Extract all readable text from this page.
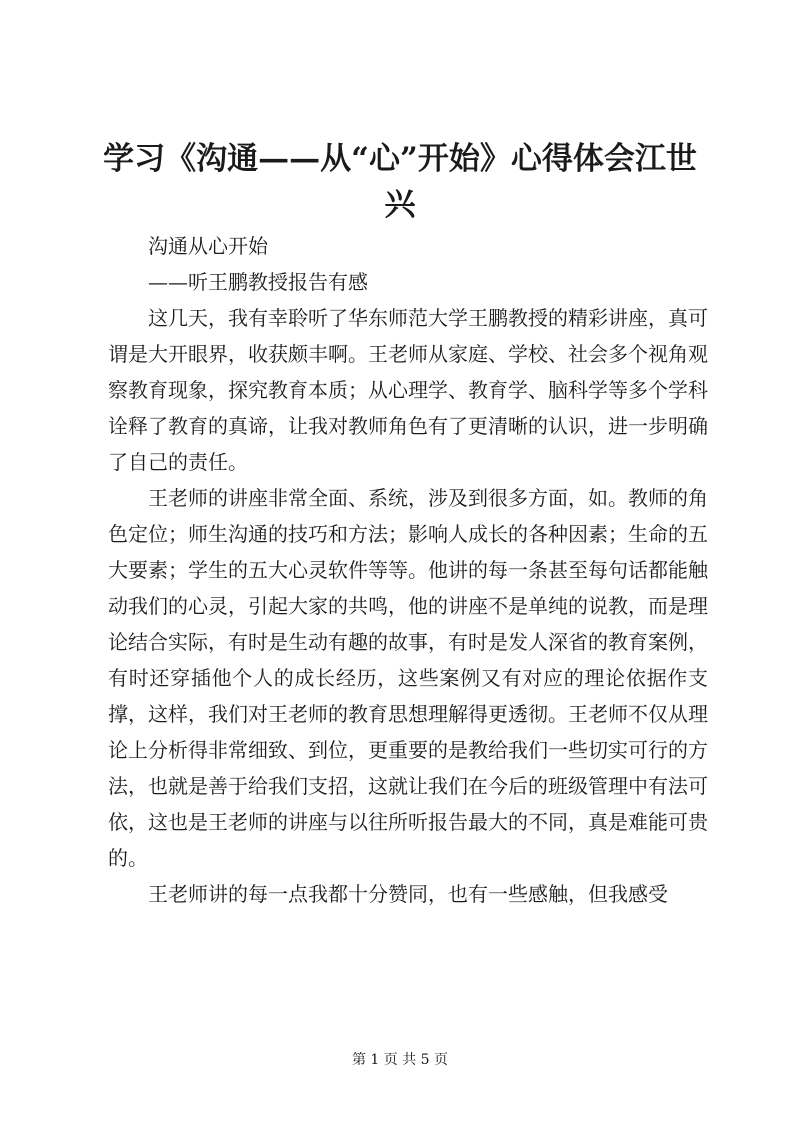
学习《沟通——从“心”开始》心得体会江世兴

沟通从心开始

——听王鹏教授报告有感

这几天，我有幸聆听了华东师范大学王鹏教授的精彩讲座，真可谓是大开眼界，收获颇丰啊。王老师从家庭、学校、社会多个视角观察教育现象，探究教育本质；从心理学、教育学、脑科学等多个学科诠释了教育的真谛，让我对教师角色有了更清晰的认识，进一步明确了自己的责任。

王老师的讲座非常全面、系统，涉及到很多方面，如。教师的角色定位；师生沟通的技巧和方法；影响人成长的各种因素；生命的五大要素；学生的五大心灵软件等等。他讲的每一条甚至每句话都能触动我们的心灵，引起大家的共鸣，他的讲座不是单纯的说教，而是理论结合实际，有时是生动有趣的故事，有时是发人深省的教育案例，有时还穿插他个人的成长经历，这些案例又有对应的理论依据作支撑，这样，我们对王老师的教育思想理解得更透彻。王老师不仅从理论上分析得非常细致、到位，更重要的是教给我们一些切实可行的方法，也就是善于给我们支招，这就让我们在今后的班级管理中有法可依，这也是王老师的讲座与以往所听报告最大的不同，真是难能可贵的。

王老师讲的每一点我都十分赞同，也有一些感触，但我感受

第 1 页 共 5 页
